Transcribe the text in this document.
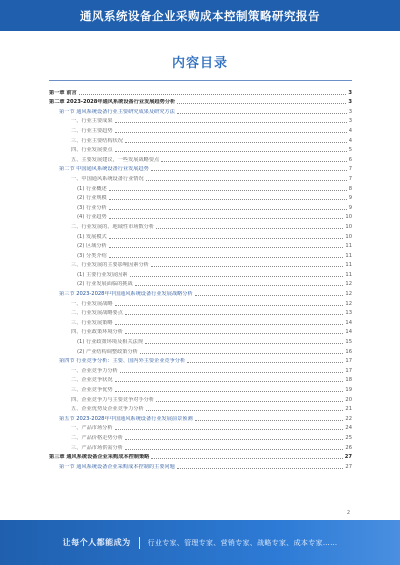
通风系统设备企业采购成本控制策略研究报告
内容目录
第一章 前言	3
第二章 2023-2028年通风系统设备行业发展趋势分析	3
第一节 通风系统设备行业主要研究成果及研究方法	3
一、行业主要成果	3
二、行业主要趋势	4
三、行业主要结构状况	4
四、行业发展要点	5
五、主要发展建议，一些发展战略要点	6
第二节 中国通风系统设备行业发展趋势	7
一、中国通风系统设备行业情况	7
(1) 行业概述	8
(2) 行业规模	9
(3) 行业分析	9
(4) 行业趋势	10
二、行业发展的、地域性市场数分析	10
(1) 发展模式	10
(2) 区域分析	11
(3) 分类介绍	11
三、行业发展的主要影响因素分析	11
(1) 主要行业发展因素	11
(2) 行业发展面临的挑战	12
第三节 2023-2028年中国通风系统设备行业发展战略分析	12
一、行业发展战略	12
二、行业发展战略要点	13
三、行业发展策略	14
四、行业政策环境分析	14
(1) 行业政策环境及相关法规	15
(2) 产业结构调整政策分析	16
第四节 行业竞争分析：主要、国内外主要企业竞争分析	17
一、企业竞争力分析	17
二、企业竞争状况	18
三、企业竞争优势	19
四、企业竞争力与主要竞争对手分析	20
五、企业优势及企业竞争力分析	21
第五节 2023-2028年中国通风系统设备行业发展前景预测	22
一、产品市场分析	24
二、产品价格走势分析	25
三、产品市场供需分析	26
第三章 通风系统设备企业采购成本控制策略	27
第一节 通风系统设备企业采购成本控制的主要问题	27
2
让每个人都能成为 行业专家、管理专家、营销专家、战略专家、成本专家……
